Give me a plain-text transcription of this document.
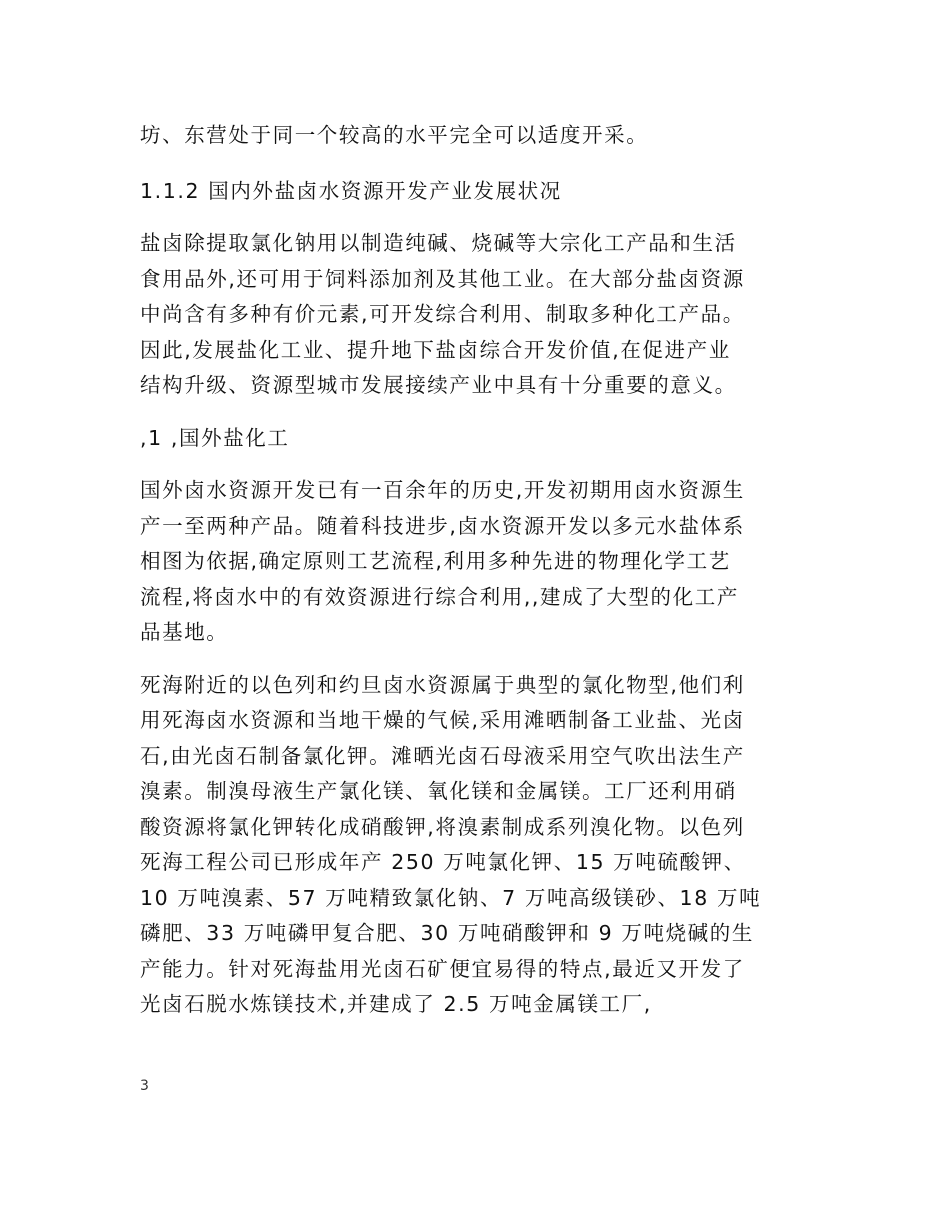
坊、东营处于同一个较高的水平完全可以适度开采。
1.1.2 国内外盐卤水资源开发产业发展状况
盐卤除提取氯化钠用以制造纯碱、烧碱等大宗化工产品和生活
食用品外,还可用于饲料添加剂及其他工业。在大部分盐卤资源
中尚含有多种有价元素,可开发综合利用、制取多种化工产品。
因此,发展盐化工业、提升地下盐卤综合开发价值,在促进产业
结构升级、资源型城市发展接续产业中具有十分重要的意义。
,1 ,国外盐化工
国外卤水资源开发已有一百余年的历史,开发初期用卤水资源生
产一至两种产品。随着科技进步,卤水资源开发以多元水盐体系
相图为依据,确定原则工艺流程,利用多种先进的物理化学工艺
流程,将卤水中的有效资源进行综合利用,,建成了大型的化工产
品基地。
死海附近的以色列和约旦卤水资源属于典型的氯化物型,他们利
用死海卤水资源和当地干燥的气候,采用滩晒制备工业盐、光卤
石,由光卤石制备氯化钾。滩晒光卤石母液采用空气吹出法生产
溴素。制溴母液生产氯化镁、氧化镁和金属镁。工厂还利用硝
酸资源将氯化钾转化成硝酸钾,将溴素制成系列溴化物。以色列
死海工程公司已形成年产 250 万吨氯化钾、15 万吨硫酸钾、
10 万吨溴素、57 万吨精致氯化钠、7 万吨高级镁砂、18 万吨
磷肥、33 万吨磷甲复合肥、30 万吨硝酸钾和 9 万吨烧碱的生
产能力。针对死海盐用光卤石矿便宜易得的特点,最近又开发了
光卤石脱水炼镁技术,并建成了 2.5 万吨金属镁工厂,
3
